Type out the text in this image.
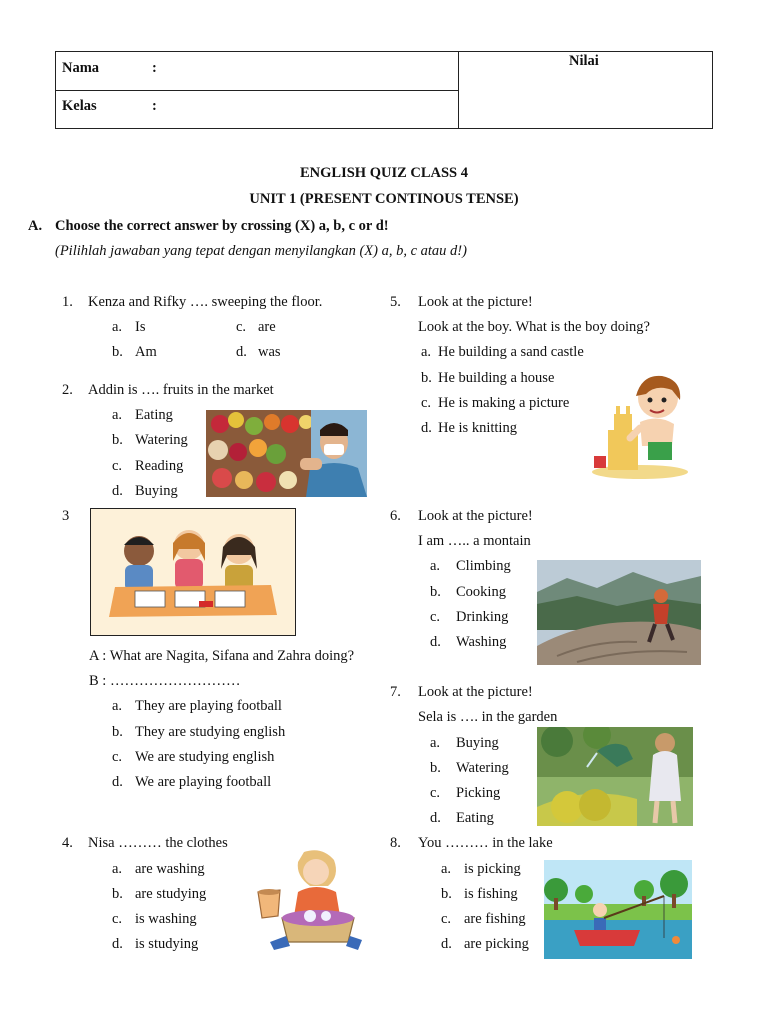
Nama	:
Kelas	:
Nilai
ENGLISH QUIZ CLASS 4
UNIT 1 (PRESENT CONTINOUS TENSE)
A. Choose the correct answer by crossing (X) a, b, c or d!
(Pilihlah jawaban yang tepat dengan menyilangkan (X) a, b, c atau d!)
1. Kenza and Rifky …. sweeping the floor.
a. Is
b. Am
c. are
d. was
2. Addin is …. fruits in the market
a. Eating
b. Watering
c. Reading
d. Buying
3
A : What are Nagita, Sifana and Zahra doing?
B : ………………………
a. They are playing football
b. They are studying english
c. We are studying english
d. We are playing football
4. Nisa ……… the clothes
a. are washing
b. are studying
c. is washing
d. is studying
5. Look at the picture!
Look at the boy. What is the boy doing?
a. He building a sand castle
b. He building a house
c. He is making a picture
d. He is knitting
6. Look at the picture!
I am ….. a montain
a. Climbing
b. Cooking
c. Drinking
d. Washing
7. Look at the picture!
Sela is …. in the garden
a. Buying
b. Watering
c. Picking
d. Eating
8. You ……… in the lake
a. is picking
b. is fishing
c. are fishing
d. are picking
